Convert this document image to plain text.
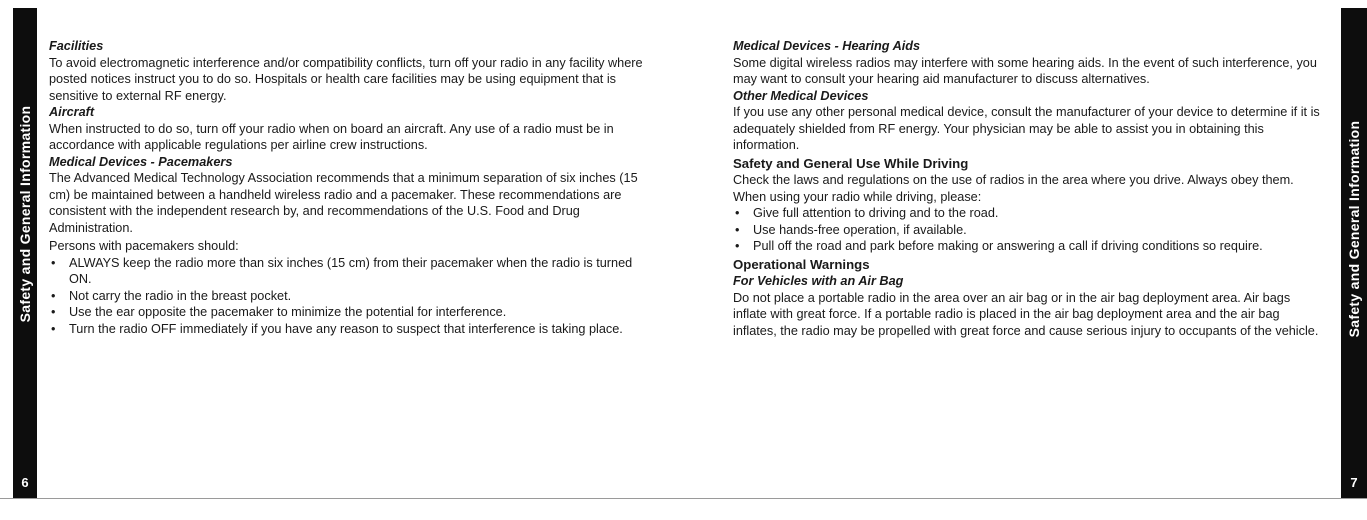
Safety and General Information
6

Facilities

To avoid electromagnetic interference and/or compatibility conflicts, turn off your radio in any facility where posted notices instruct you to do so. Hospitals or health care facilities may be using equipment that is sensitive to external RF energy.

Aircraft

When instructed to do so, turn off your radio when on board an aircraft. Any use of a radio must be in accordance with applicable regulations per airline crew instructions.

Medical Devices - Pacemakers

The Advanced Medical Technology Association recommends that a minimum separation of six inches (15 cm) be maintained between a handheld wireless radio and a pacemaker. These recommendations are consistent with the independent research by, and recommendations of the U.S. Food and Drug Administration.

Persons with pacemakers should:

• ALWAYS keep the radio more than six inches (15 cm) from their pacemaker when the radio is turned ON.
• Not carry the radio in the breast pocket.
• Use the ear opposite the pacemaker to minimize the potential for interference.
• Turn the radio OFF immediately if you have any reason to suspect that interference is taking place.

Medical Devices - Hearing Aids

Some digital wireless radios may interfere with some hearing aids. In the event of such interference, you may want to consult your hearing aid manufacturer to discuss alternatives.

Other Medical Devices

If you use any other personal medical device, consult the manufacturer of your device to determine if it is adequately shielded from RF energy. Your physician may be able to assist you in obtaining this information.

Safety and General Use While Driving

Check the laws and regulations on the use of radios in the area where you drive. Always obey them. When using your radio while driving, please:

• Give full attention to driving and to the road.
• Use hands-free operation, if available.
• Pull off the road and park before making or answering a call if driving conditions so require.

Operational Warnings

For Vehicles with an Air Bag

Do not place a portable radio in the area over an air bag or in the air bag deployment area. Air bags inflate with great force. If a portable radio is placed in the air bag deployment area and the air bag inflates, the radio may be propelled with great force and cause serious injury to occupants of the vehicle.	Safety and General Information
7
